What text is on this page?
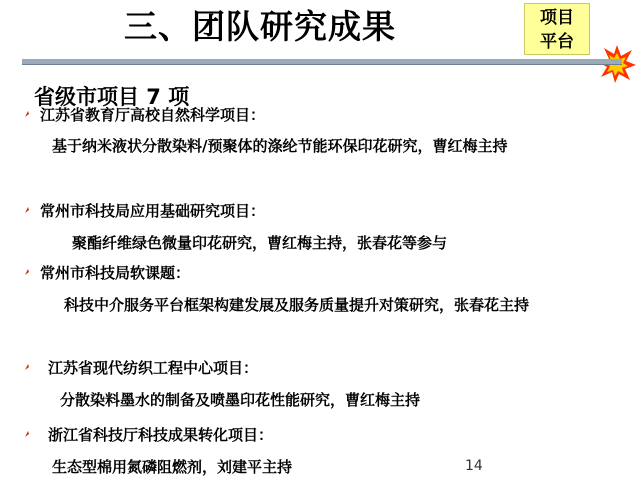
三、团队研究成果	项目
平台
省级市项目 7 项
江苏省教育厅高校自然科学项目：
基于纳米液状分散染料/预聚体的涤纶节能环保印花研究，曹红梅主持
常州市科技局应用基础研究项目：
聚酯纤维绿色微量印花研究，曹红梅主持，张春花等参与
常州市科技局软课题：
科技中介服务平台框架构建发展及服务质量提升对策研究，张春花主持
江苏省现代纺织工程中心项目：
分散染料墨水的制备及喷墨印花性能研究，曹红梅主持
浙江省科技厅科技成果转化项目：
生态型棉用氮磷阻燃剂，刘建平主持	14
